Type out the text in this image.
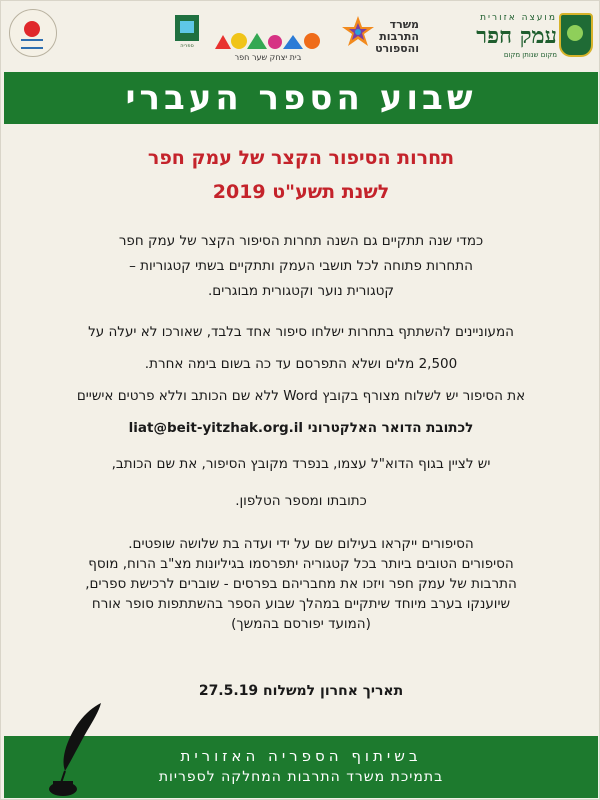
מועצה אזורית
עמק חפר
מקום שנותן מקום
משרד
התרבות
והספורט
בית יצחק שער חפר
ספריה
שבוע הספר העברי
תחרות הסיפור הקצר של עמק חפר
לשנת תשע"ט 2019

כמדי שנה תתקיים גם השנה תחרות הסיפור הקצר של עמק חפר

התחרות פתוחה לכל תושבי העמק ותתקיים בשתי קטגוריות –

קטגורית נוער וקטגורית מבוגרים.

המעוניינים להשתתף בתחרות ישלחו סיפור אחד בלבד, שאורכו לא יעלה על

2,500 מלים ושלא התפרסם עד כה בשום בימה אחרת.

את הסיפור יש לשלוח מצורף בקובץ Word ללא שם הכותב וללא פרטים אישיים

לכתובת הדואר האלקטרוני liat@beit-yitzhak.org.il

יש לציין בגוף הדוא"ל עצמו, בנפרד מקובץ הסיפור, את שם הכותב,

כתובתו ומספר הטלפון.

הסיפורים ייקראו בעילום שם על ידי ועדה בת שלושה שופטים.

הסיפורים הטובים ביותר בכל קטגוריה יתפרסמו בגיליונות מצ"ב הרוח, מוסף

התרבות של עמק חפר ויזכו את מחבריהם בפרסים - שוברים לרכישת ספרים,

שיוענקו בערב מיוחד שיתקיים במהלך שבוע הספר בהשתתפות סופר אורח

(המועד יפורסם בהמשך)

תאריך אחרון למשלוח 27.5.19
בשיתוף הספריה האזורית
בתמיכת משרד התרבות המחלקה לספריות
